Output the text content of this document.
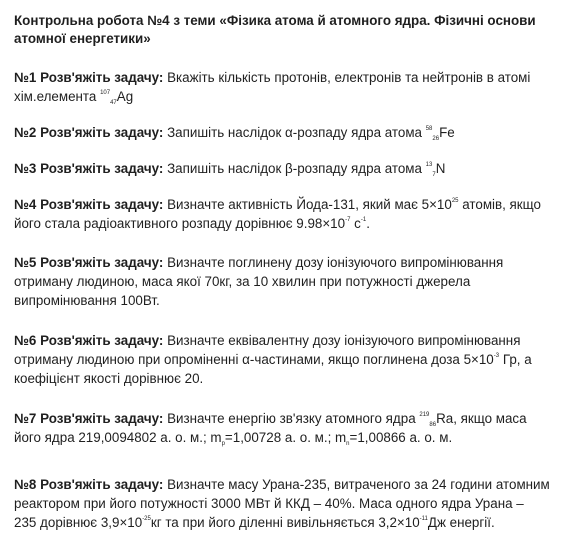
Контрольна робота №4 з теми «Фізика атома й атомного ядра. Фізичні основи
атомної енергетики»
№1 Розв'яжіть задачу: Вкажіть кількість протонів, електронів та нейтронів в атомі
хім.елемента $^{107}_{47}$Ag
№2 Розв'яжіть задачу: Запишіть наслідок α-розпаду ядра атома $^{58}_{26}$Fe
№3 Розв'яжіть задачу: Запишіть наслідок β-розпаду ядра атома $^{13}_7$N
№4 Розв'яжіть задачу: Визначте активність Йода-131, який має $5\times 10^{25}$ атомів, якщо
його стала радіоактивного розпаду дорівнює $9.98\times 10^{-7}$ $с^{-1}$.
№5 Розв'яжіть задачу: Визначте поглинену дозу іонізуючого випромінювання
отриману людиною, маса якої 70кг, за 10 хвилин при потужності джерела
випромінювання 100Вт.
№6 Розв'яжіть задачу: Визначте еквівалентну дозу іонізуючого випромінювання
отриману людиною при опроміненні α-частинами, якщо поглинена доза $5\times 10^{-3}$ Гр, а
коефіцієнт якості дорівнює 20.
№7 Розв'яжіть задачу: Визначте енергію зв'язку атомного ядра $^{219}_{86}$Ra, якщо маса
його ядра 219,0094802 а. о. м.; $m_p=1,00728$ а. о. м.; $m_n=1,00866$ а. о. м.
№8 Розв'яжіть задачу: Визначте масу Урана-235, витраченого за 24 години атомним
реактором при його потужності 3000 МВт й ККД – 40%. Маса одного ядра Урана –
235 дорівнює $3,9\times 10^{-25}кг$ та при його діленні вивільняється $3,2\times 10^{-11}Дж$ енергії.
